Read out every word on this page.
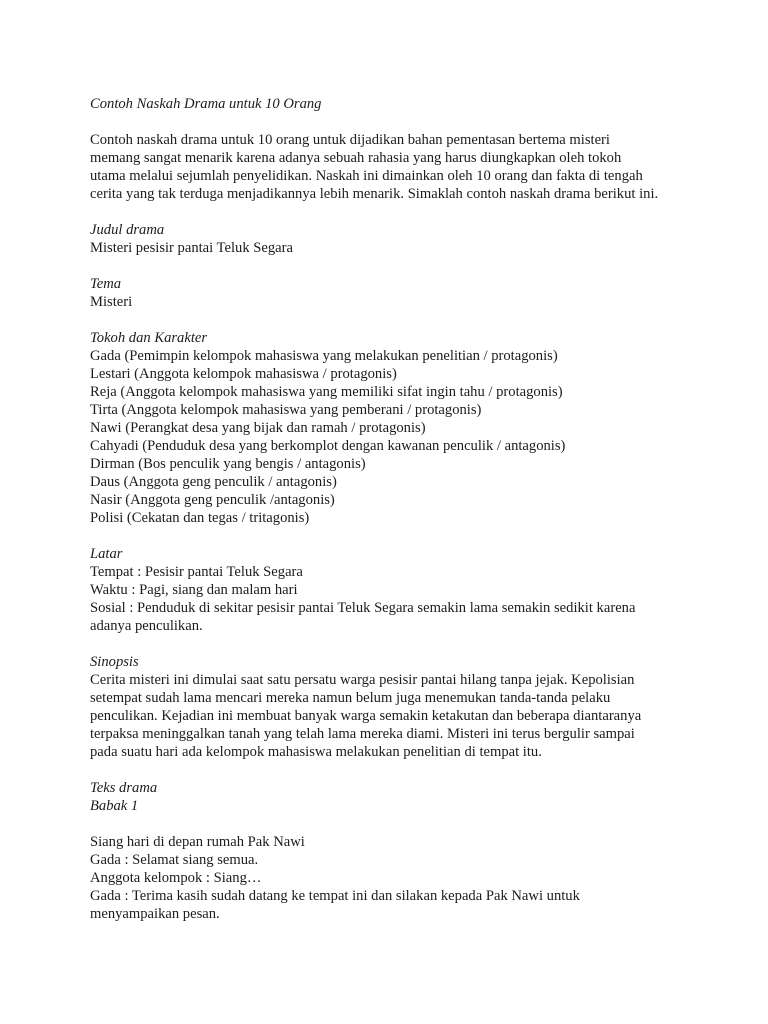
Contoh Naskah Drama untuk 10 Orang
Contoh naskah drama untuk 10 orang untuk dijadikan bahan pementasan bertema misteri
memang sangat menarik karena adanya sebuah rahasia yang harus diungkapkan oleh tokoh
utama melalui sejumlah penyelidikan. Naskah ini dimainkan oleh 10 orang dan fakta di tengah
cerita yang tak terduga menjadikannya lebih menarik. Simaklah contoh naskah drama berikut ini.
Judul drama
Misteri pesisir pantai Teluk Segara
Tema
Misteri
Tokoh dan Karakter
Gada (Pemimpin kelompok mahasiswa yang melakukan penelitian / protagonis)
Lestari (Anggota kelompok mahasiswa / protagonis)
Reja (Anggota kelompok mahasiswa yang memiliki sifat ingin tahu / protagonis)
Tirta (Anggota kelompok mahasiswa yang pemberani / protagonis)
Nawi (Perangkat desa yang bijak dan ramah / protagonis)
Cahyadi (Penduduk desa yang berkomplot dengan kawanan penculik / antagonis)
Dirman (Bos penculik yang bengis / antagonis)
Daus (Anggota geng penculik / antagonis)
Nasir (Anggota geng penculik /antagonis)
Polisi (Cekatan dan tegas / tritagonis)
Latar
Tempat : Pesisir pantai Teluk Segara
Waktu : Pagi, siang dan malam hari
Sosial : Penduduk di sekitar pesisir pantai Teluk Segara semakin lama semakin sedikit karena
adanya penculikan.
Sinopsis
Cerita misteri ini dimulai saat satu persatu warga pesisir pantai hilang tanpa jejak. Kepolisian
setempat sudah lama mencari mereka namun belum juga menemukan tanda-tanda pelaku
penculikan. Kejadian ini membuat banyak warga semakin ketakutan dan beberapa diantaranya
terpaksa meninggalkan tanah yang telah lama mereka diami. Misteri ini terus bergulir sampai
pada suatu hari ada kelompok mahasiswa melakukan penelitian di tempat itu.
Teks drama
Babak 1
Siang hari di depan rumah Pak Nawi
Gada : Selamat siang semua.
Anggota kelompok : Siang…
Gada : Terima kasih sudah datang ke tempat ini dan silakan kepada Pak Nawi untuk
menyampaikan pesan.
